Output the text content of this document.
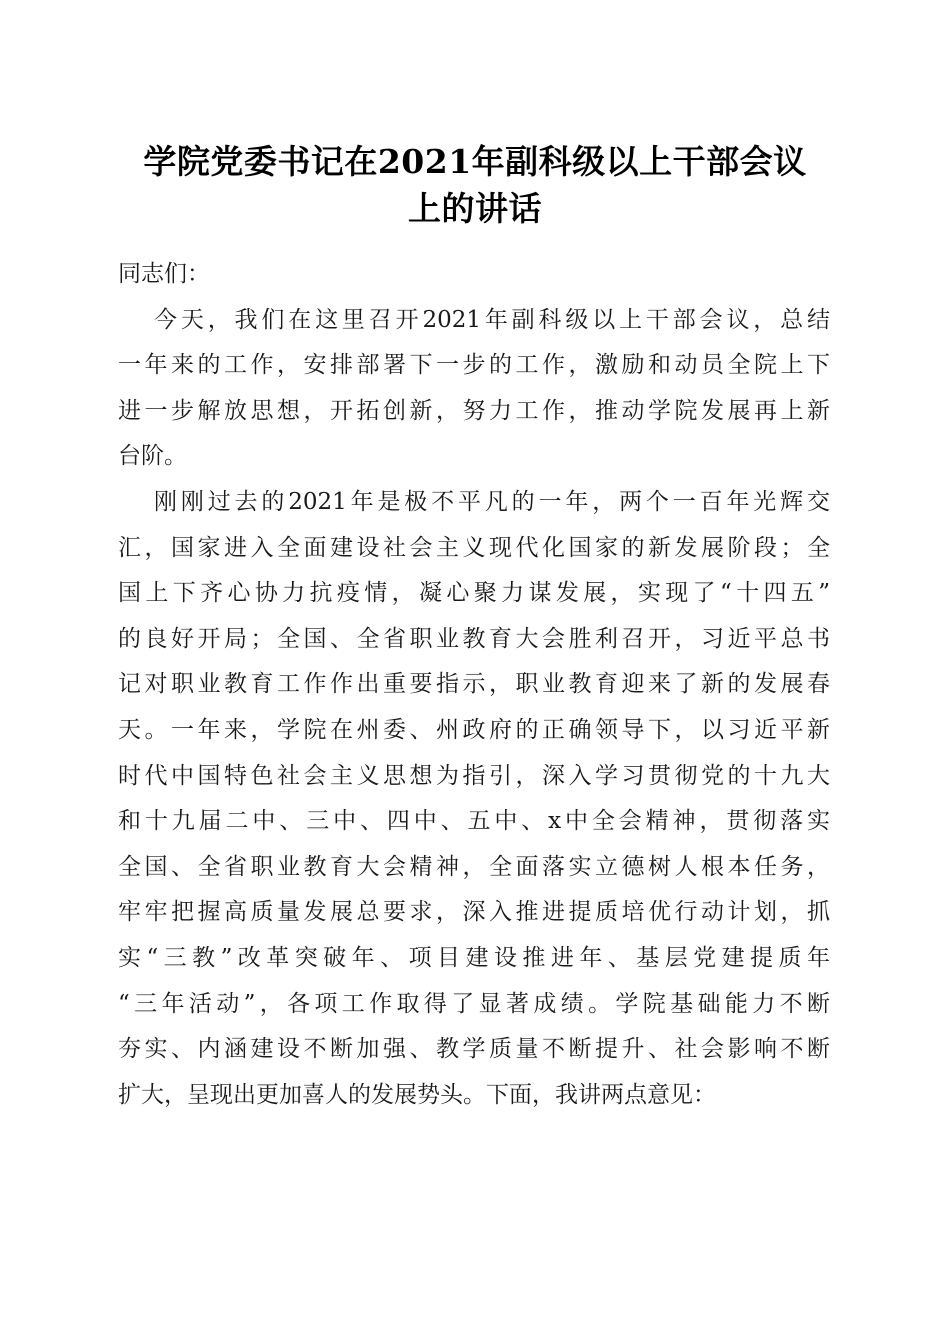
学院党委书记在2021年副科级以上干部会议
上的讲话
同志们：
今天，我们在这里召开2021年副科级以上干部会议，总结
一年来的工作，安排部署下一步的工作，激励和动员全院上下
进一步解放思想，开拓创新，努力工作，推动学院发展再上新
台阶。
刚刚过去的2021年是极不平凡的一年，两个一百年光辉交
汇，国家进入全面建设社会主义现代化国家的新发展阶段；全
国上下齐心协力抗疫情，凝心聚力谋发展，实现了“十四五”
的良好开局；全国、全省职业教育大会胜利召开，习近平总书
记对职业教育工作作出重要指示，职业教育迎来了新的发展春
天。一年来，学院在州委、州政府的正确领导下，以习近平新
时代中国特色社会主义思想为指引，深入学习贯彻党的十九大
和十九届二中、三中、四中、五中、x中全会精神，贯彻落实
全国、全省职业教育大会精神，全面落实立德树人根本任务，
牢牢把握高质量发展总要求，深入推进提质培优行动计划，抓
实“三教”改革突破年、项目建设推进年、基层党建提质年
“三年活动”，各项工作取得了显著成绩。学院基础能力不断
夯实、内涵建设不断加强、教学质量不断提升、社会影响不断
扩大，呈现出更加喜人的发展势头。下面，我讲两点意见：
